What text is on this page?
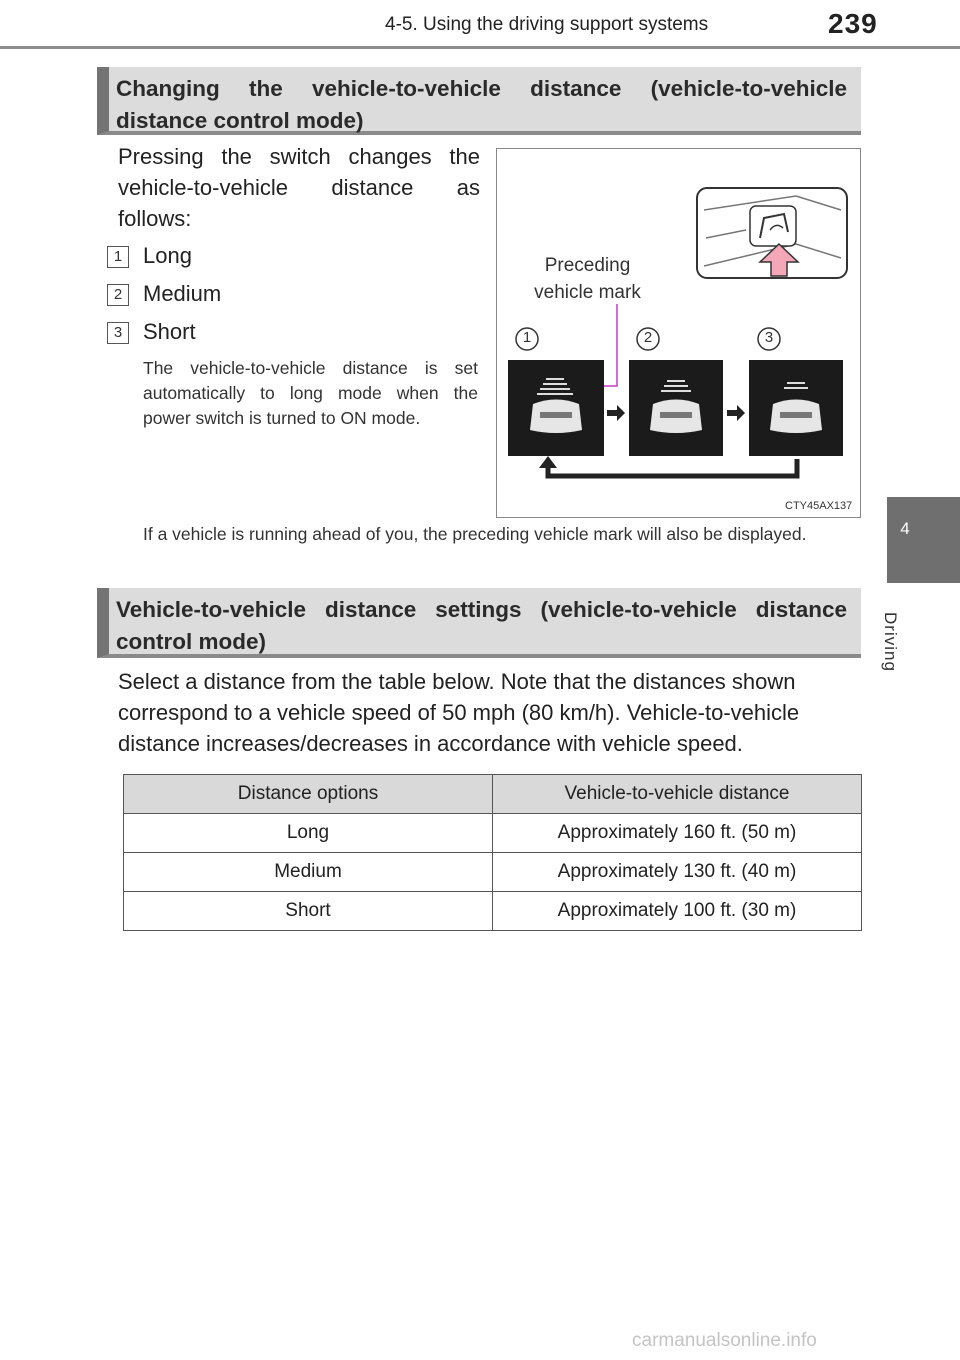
4-5. Using the driving support systems	239
4
Driving
Changing the vehicle-to-vehicle distance (vehicle-to-vehicle distance control mode)
Pressing the switch changes the vehicle-to-vehicle distance as follows:
1 Long
2 Medium
3 Short
The vehicle-to-vehicle distance is set automatically to long mode when the power switch is turned to ON mode.
Preceding vehicle mark
1	2	3
CTY45AX137
If a vehicle is running ahead of you, the preceding vehicle mark will also be displayed.
Vehicle-to-vehicle distance settings (vehicle-to-vehicle distance control mode)
Select a distance from the table below. Note that the distances shown correspond to a vehicle speed of 50 mph (80 km/h). Vehicle-to-vehicle distance increases/decreases in accordance with vehicle speed.
Distance options	Vehicle-to-vehicle distance
Long	Approximately 160 ft. (50 m)
Medium	Approximately 130 ft. (40 m)
Short	Approximately 100 ft. (30 m)
carmanualsonline.info
